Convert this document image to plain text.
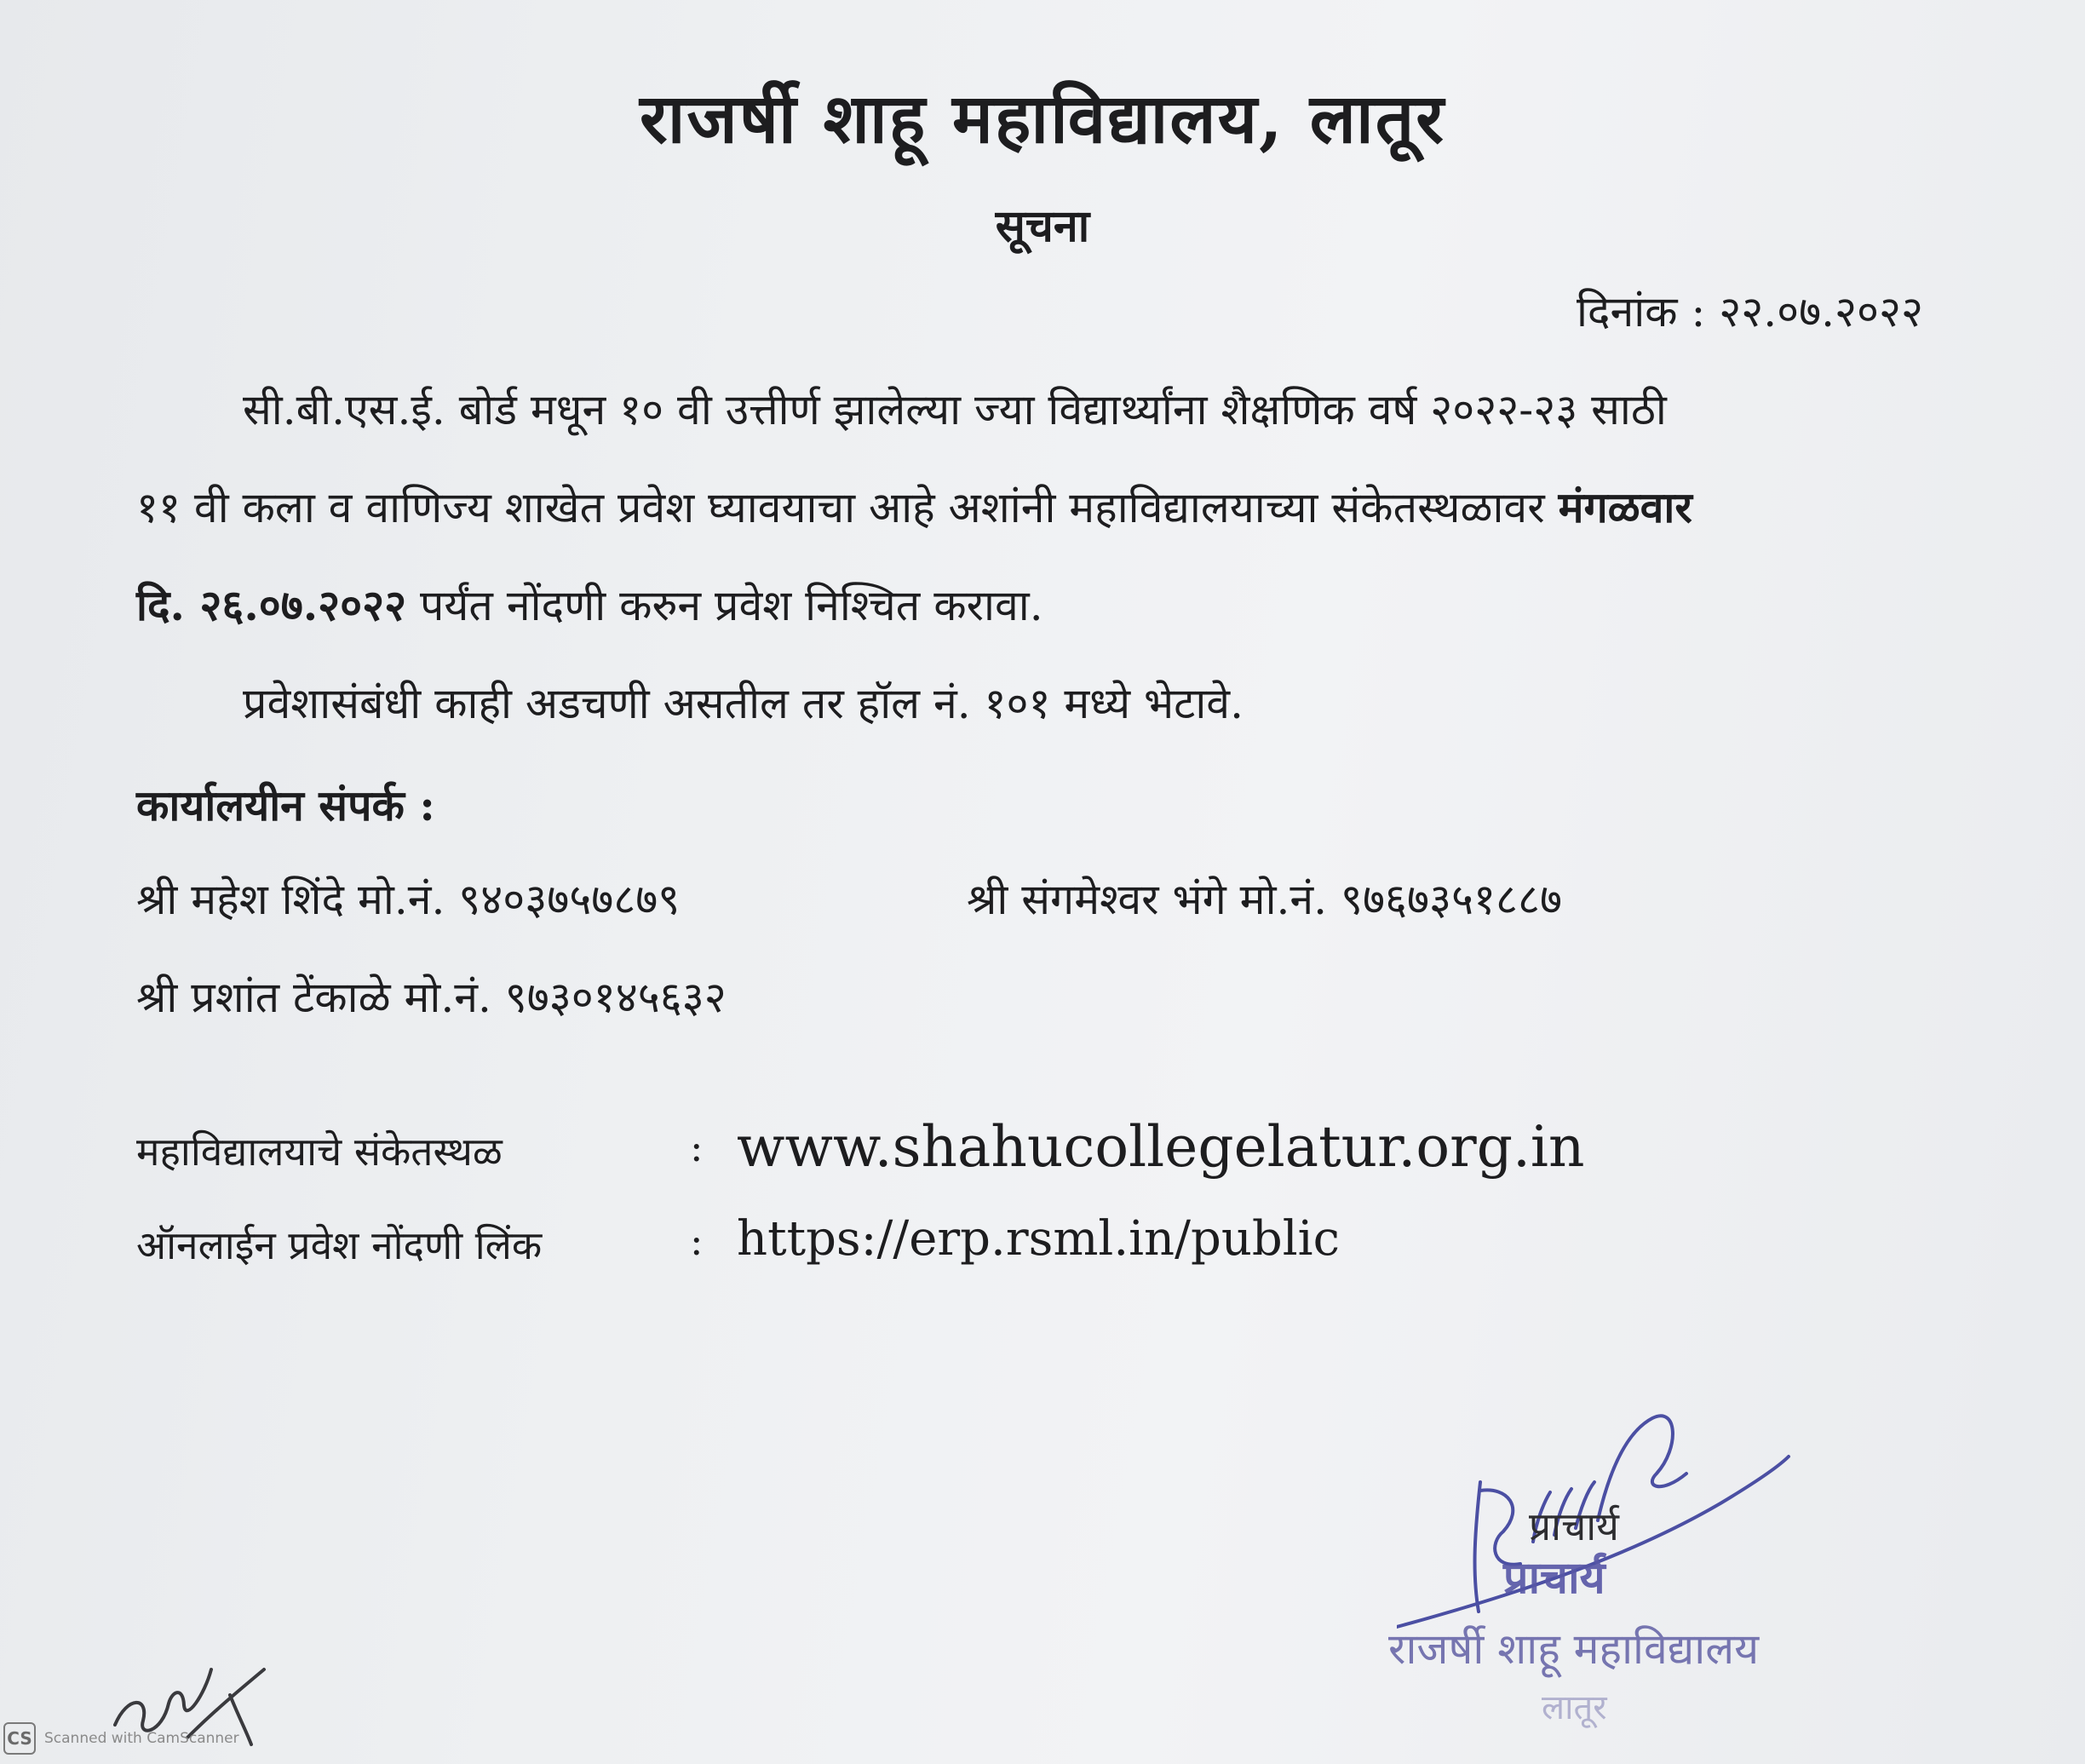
राजर्षी शाहू महाविद्यालय, लातूर
सूचना
दिनांक : २२.०७.२०२२
सी.बी.एस.ई. बोर्ड मधून १० वी उत्तीर्ण झालेल्या ज्या विद्यार्थ्यांना शैक्षणिक वर्ष २०२२-२३ साठी
११ वी कला व वाणिज्य शाखेत प्रवेश घ्यावयाचा आहे अशांनी महाविद्यालयाच्या संकेतस्थळावर मंगळवार
दि. २६.०७.२०२२ पर्यंत नोंदणी करुन प्रवेश निश्चित करावा.
प्रवेशासंबंधी काही अडचणी असतील तर हॉल नं. १०१ मध्ये भेटावे.
कार्यालयीन संपर्क :
श्री महेश शिंदे मो.नं. ९४०३७५७८७९	श्री संगमेश्वर भंगे मो.नं. ९७६७३५१८८७
श्री प्रशांत टेंकाळे मो.नं. ९७३०१४५६३२
महाविद्यालयाचे संकेतस्थळ	: www.shahucollegelatur.org.in
ऑनलाईन प्रवेश नोंदणी लिंक	: https://erp.rsml.in/public
प्राचार्य
प्राचार्य
राजर्षी शाहू महाविद्यालय
लातूर
CS Scanned with CamScanner
